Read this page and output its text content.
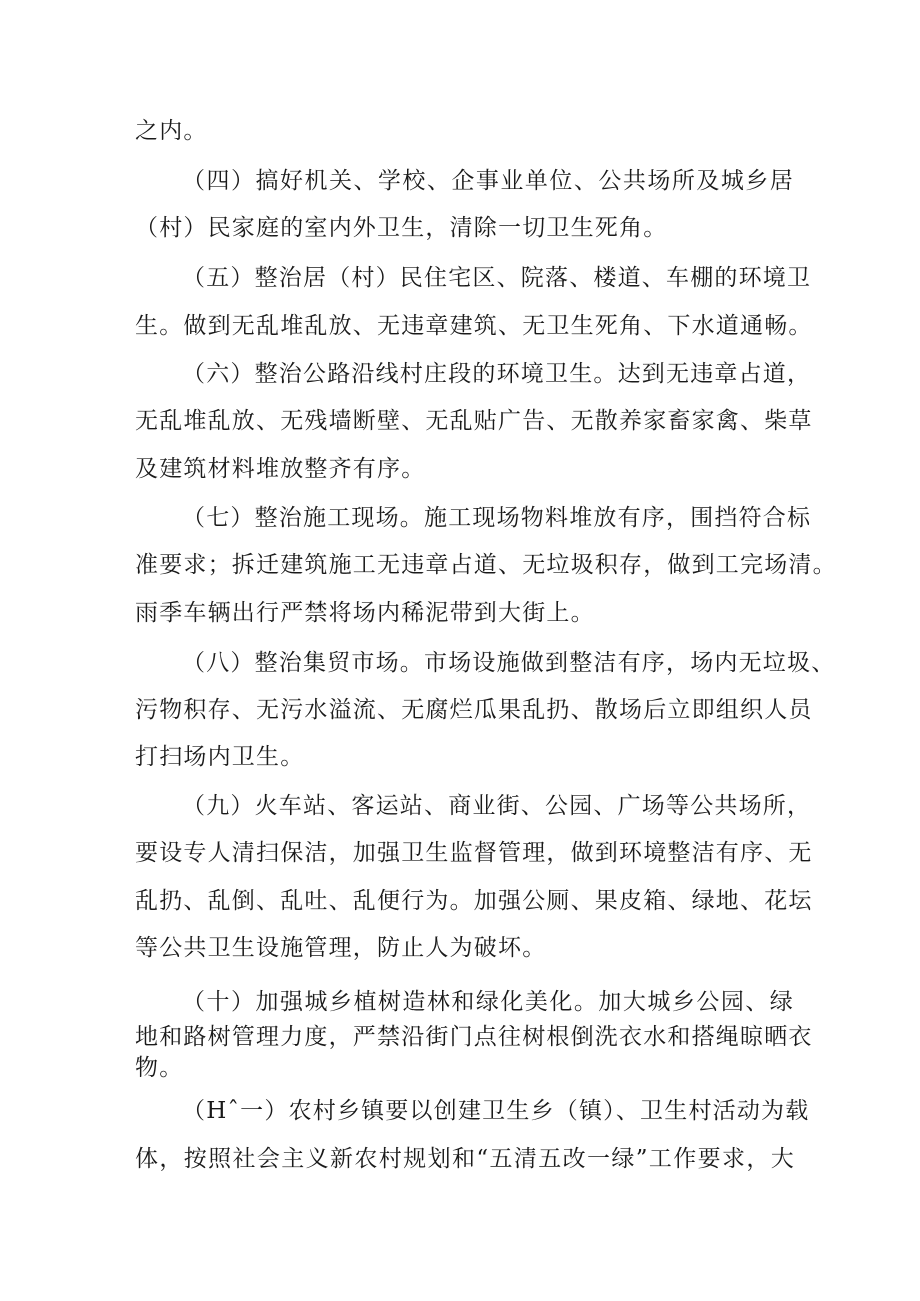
之内。
（四）搞好机关、学校、企事业单位、公共场所及城乡居
（村）民家庭的室内外卫生，清除一切卫生死角。
（五）整治居（村）民住宅区、院落、楼道、车棚的环境卫
生。做到无乱堆乱放、无违章建筑、无卫生死角、下水道通畅。
（六）整治公路沿线村庄段的环境卫生。达到无违章占道，
无乱堆乱放、无残墙断壁、无乱贴广告、无散养家畜家禽、柴草
及建筑材料堆放整齐有序。
（七）整治施工现场。施工现场物料堆放有序，围挡符合标
准要求；拆迁建筑施工无违章占道、无垃圾积存，做到工完场清。
雨季车辆出行严禁将场内稀泥带到大街上。
（八）整治集贸市场。市场设施做到整洁有序，场内无垃圾、
污物积存、无污水溢流、无腐烂瓜果乱扔、散场后立即组织人员
打扫场内卫生。
（九）火车站、客运站、商业街、公园、广场等公共场所，
要设专人清扫保洁，加强卫生监督管理，做到环境整洁有序、无
乱扔、乱倒、乱吐、乱便行为。加强公厕、果皮箱、绿地、花坛
等公共卫生设施管理，防止人为破坏。
（十）加强城乡植树造林和绿化美化。加大城乡公园、绿
地和路树管理力度，严禁沿街门点往树根倒洗衣水和搭绳晾晒衣
物。
（Hˆ一）农村乡镇要以创建卫生乡（镇）、卫生村活动为载
体，按照社会主义新农村规划和“五清五改一绿”工作要求，大
